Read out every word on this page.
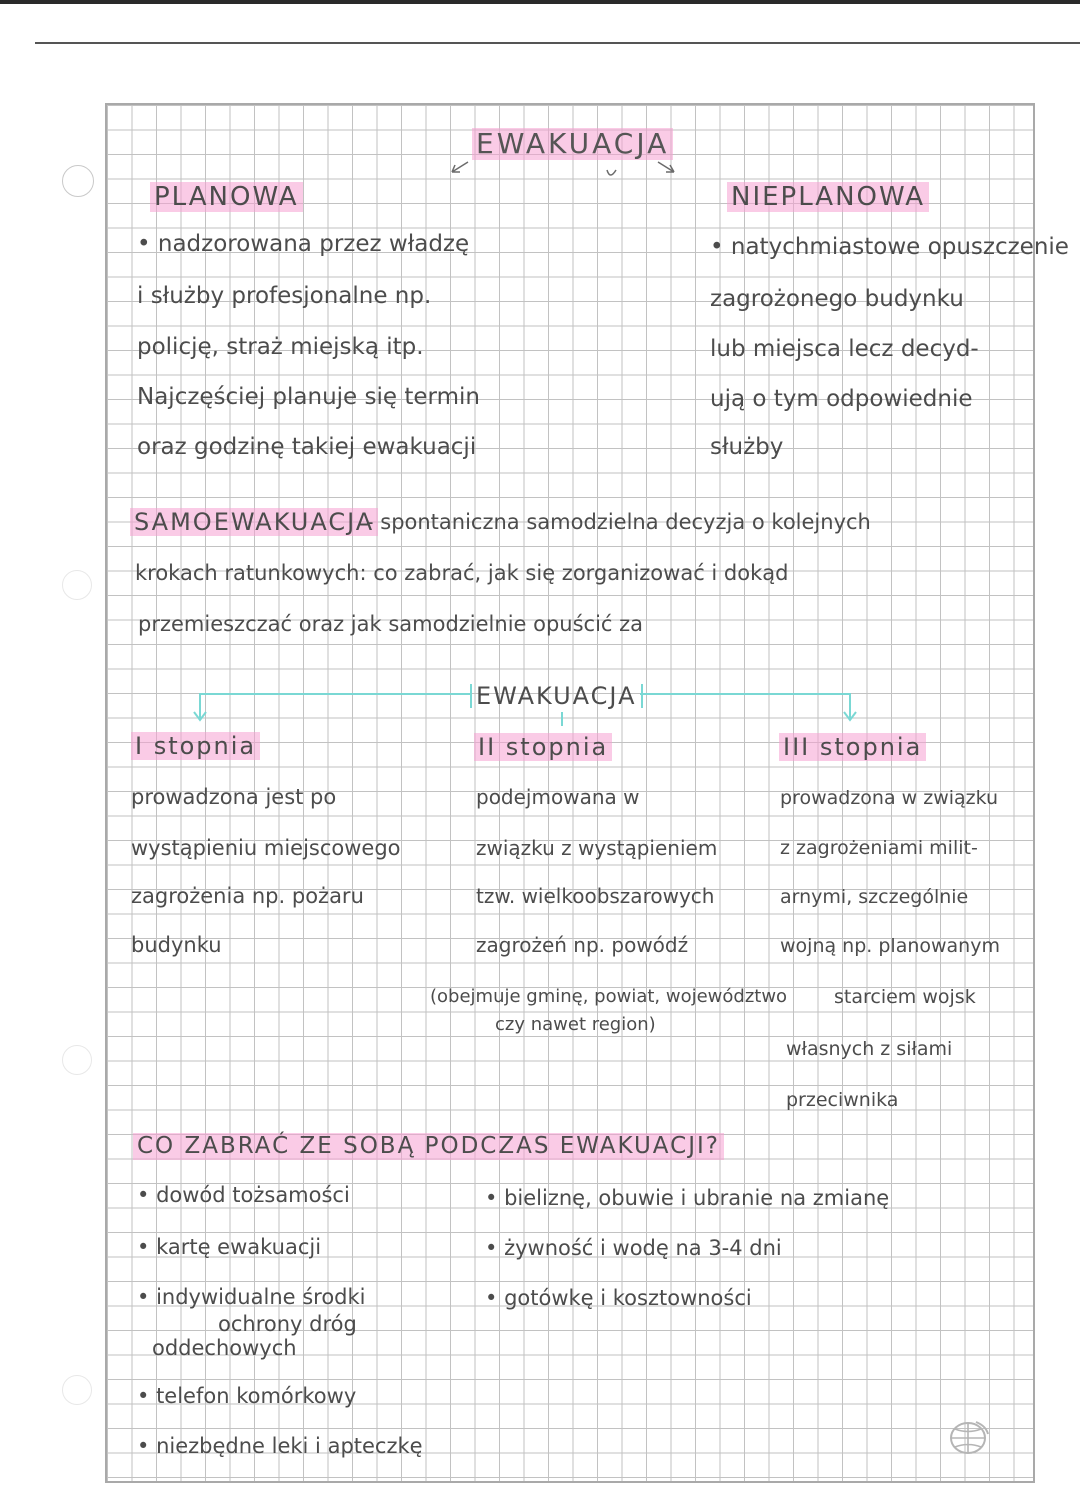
EWAKUACJA
PLANOWA
• nadzorowana przez władzę
i służby profesjonalne np.
policję, straż miejską itp.
Najczęściej planuje się termin
oraz godzinę takiej ewakuacji
NIEPLANOWA
• natychmiastowe opuszczenie
zagrożonego budynku
lub miejsca lecz decyd-
ują o tym odpowiednie
służby
SAMOEWAKUACJA
- spontaniczna samodzielna decyzja o kolejnych
krokach ratunkowych: co zabrać, jak się zorganizować i dokąd
przemieszczać oraz jak samodzielnie opuścić za
EWAKUACJA
I stopnia
prowadzona jest po
wystąpieniu miejscowego
zagrożenia np. pożaru
budynku
II stopnia
podejmowana w
związku z wystąpieniem
tzw. wielkoobszarowych
zagrożeń np. powódź
(obejmuje gminę, powiat, województwo
czy nawet region)
III stopnia
prowadzona w związku
z zagrożeniami milit-
arnymi, szczególnie
wojną np. planowanym
starciem wojsk
własnych z siłami
przeciwnika
CO ZABRAĆ ZE SOBĄ PODCZAS EWAKUACJI?
• dowód tożsamości
• kartę ewakuacji
• indywidualne środki
ochrony dróg
oddechowych
• telefon komórkowy
• niezbędne leki i apteczkę
• bieliznę, obuwie i ubranie na zmianę
• żywność i wodę na 3-4 dni
• gotówkę i kosztowności
